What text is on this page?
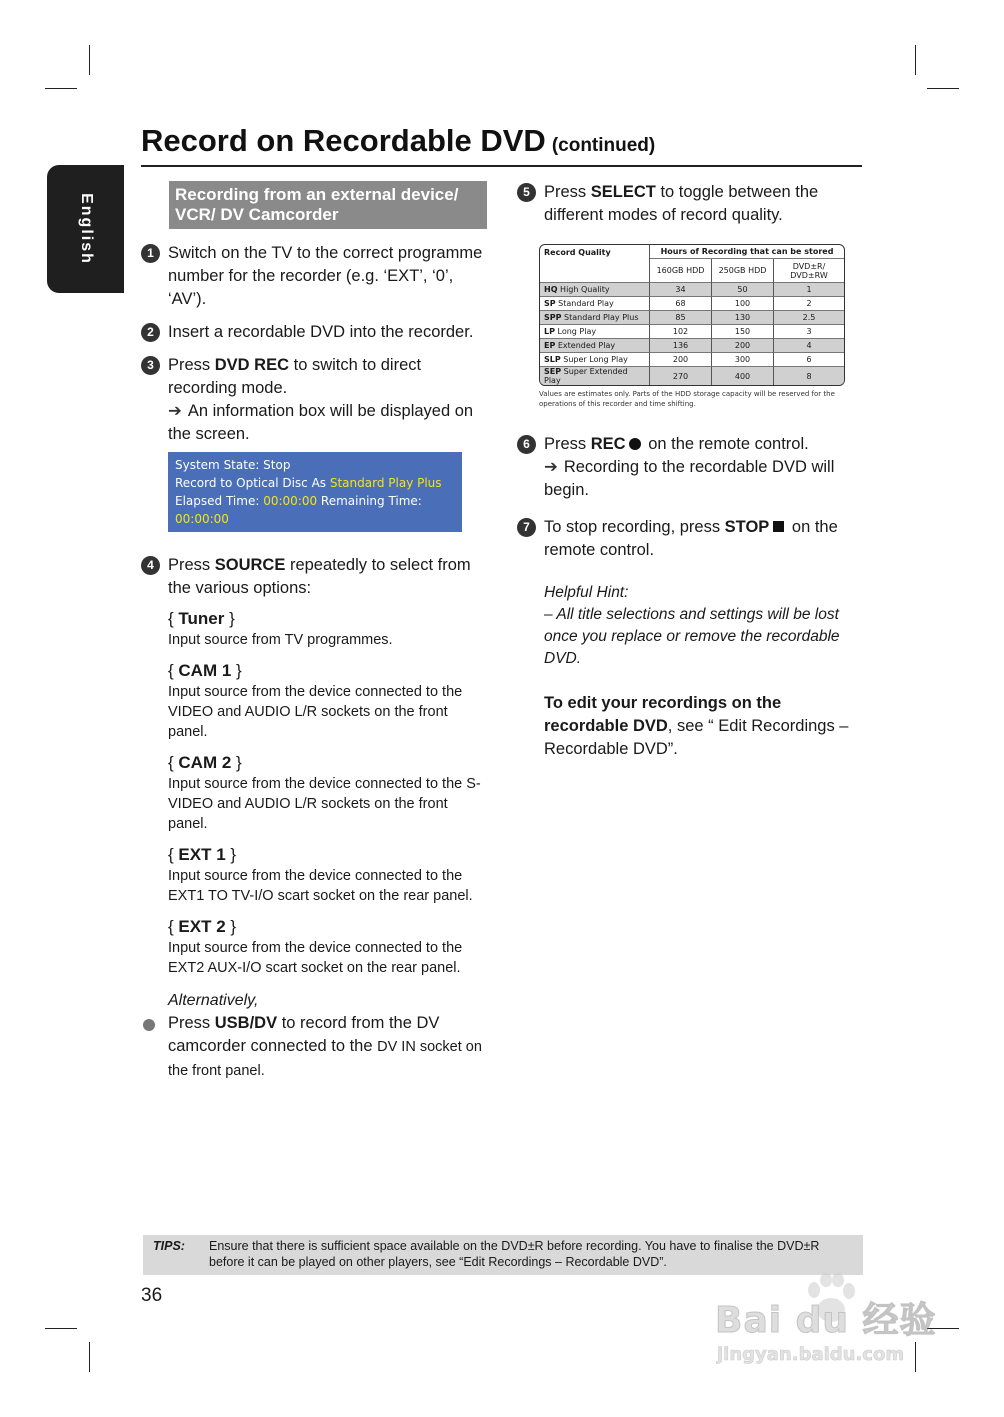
Record on Recordable DVD (continued)
English	Recording from an external device/ VCR/ DV Camcorder
1 Switch on the TV to the correct programme number for the recorder (e.g. ‘EXT’, ‘0’, ‘AV’).
2 Insert a recordable DVD into the recorder.
3 Press DVD REC to switch to direct recording mode.
➔ An information box will be displayed on the screen.
System State: Stop
Record to Optical Disc As Standard Play Plus
Elapsed Time: 00:00:00 Remaining Time: 00:00:00
4 Press SOURCE repeatedly to select from the various options:
{ Tuner }
Input source from TV programmes.
{ CAM 1 }
Input source from the device connected to the VIDEO and AUDIO L/R sockets on the front panel.
{ CAM 2 }
Input source from the device connected to the S-VIDEO and AUDIO L/R sockets on the front panel.
{ EXT 1 }
Input source from the device connected to the EXT1 TO TV-I/O scart socket on the rear panel.
{ EXT 2 }
Input source from the device connected to the EXT2 AUX-I/O scart socket on the rear panel.
Alternatively,
Press USB/DV to record from the DV camcorder connected to the DV IN socket on the front panel.
5 Press SELECT to toggle between the different modes of record quality.
Record Quality	Hours of Recording that can be stored		
	160GB HDD	250GB HDD	DVD±R/ DVD±RW
HQ High Quality	34	50	1
SP Standard Play	68	100	2
SPP Standard Play Plus	85	130	2.5
LP Long Play	102	150	3
EP Extended Play	136	200	4
SLP Super Long Play	200	300	6
SEP Super Extended Play	270	400	8
Values are estimates only. Parts of the HDD storage capacity will be reserved for the operations of this recorder and time shifting.
6 Press REC on the remote control.
➔ Recording to the recordable DVD will begin.
7 To stop recording, press STOP on the remote control.
Helpful Hint:
– All title selections and settings will be lost once you replace or remove the recordable DVD.
To edit your recordings on the recordable DVD, see “ Edit Recordings – Recordable DVD”.
TIPS: Ensure that there is sufficient space available on the DVD±R before recording. You have to finalise the DVD±R before it can be played on other players, see “Edit Recordings – Recordable DVD”.
36
Bai du 经验
jingyan.baidu.com
